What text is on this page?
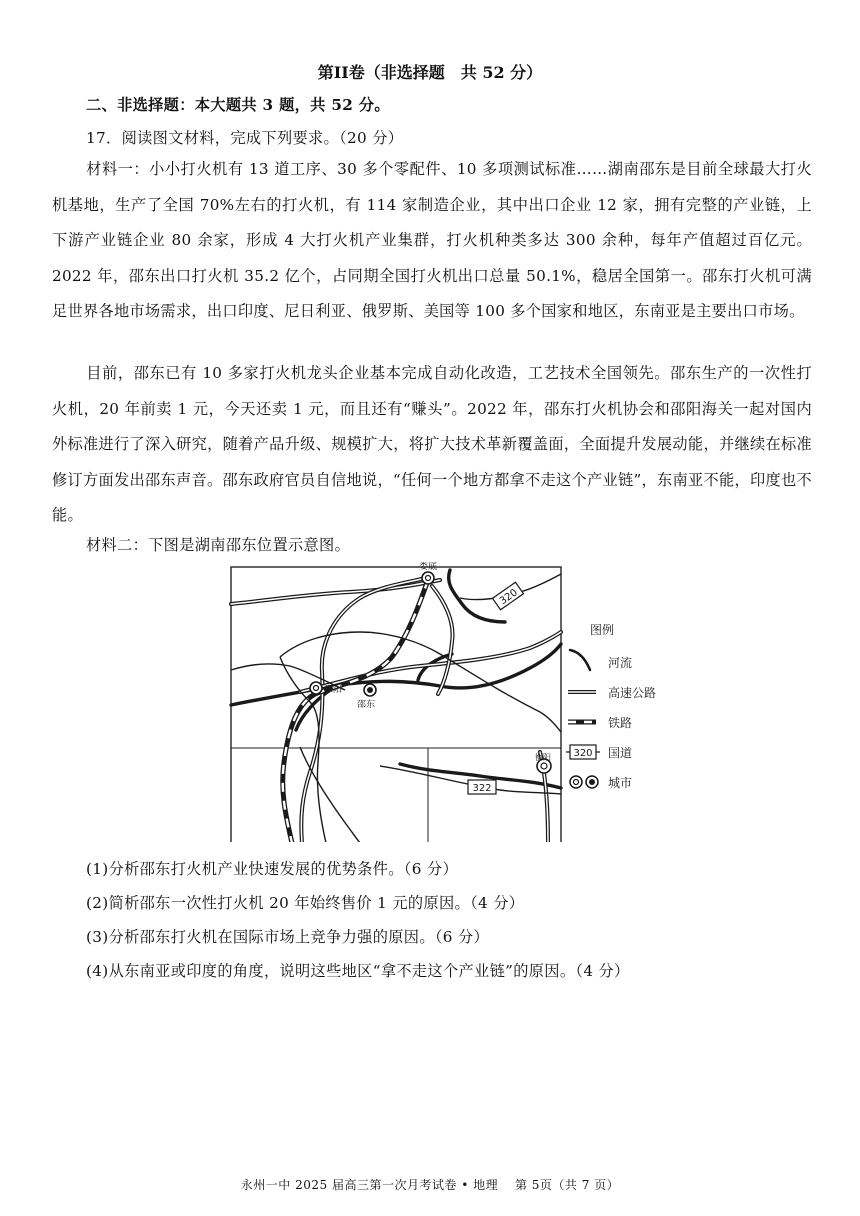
第II卷（非选择题　共 52 分）
二、非选择题：本大题共 3 题，共 52 分。
17．阅读图文材料，完成下列要求。（20 分）
材料一：小小打火机有 13 道工序、30 多个零配件、10 多项测试标准……湖南邵东是目前全球最大打火机基地，生产了全国 70%左右的打火机，有 114 家制造企业，其中出口企业 12 家，拥有完整的产业链，上下游产业链企业 80 余家，形成 4 大打火机产业集群，打火机种类多达 300 余种，每年产值超过百亿元。2022 年，邵东出口打火机 35.2 亿个，占同期全国打火机出口总量 50.1%，稳居全国第一。邵东打火机可满足世界各地市场需求，出口印度、尼日利亚、俄罗斯、美国等 100 多个国家和地区，东南亚是主要出口市场。
目前，邵东已有 10 多家打火机龙头企业基本完成自动化改造，工艺技术全国领先。邵东生产的一次性打火机，20 年前卖 1 元，今天还卖 1 元，而且还有“赚头”。2022 年，邵东打火机协会和邵阳海关一起对国内外标准进行了深入研究，随着产品升级、规模扩大，将扩大技术革新覆盖面，全面提升发展动能，并继续在标准修订方面发出邵东声音。邵东政府官员自信地说，“任何一个地方都拿不走这个产业链”，东南亚不能，印度也不能。
材料二：下图是湖南邵东位置示意图。
320
322
娄底
邵阳
邵东
衡阳
图例
河流
高速公路
铁路
320 国道
城市
(1)分析邵东打火机产业快速发展的优势条件。（6 分）
(2)简析邵东一次性打火机 20 年始终售价 1 元的原因。（4 分）
(3)分析邵东打火机在国际市场上竞争力强的原因。（6 分）
(4)从东南亚或印度的角度，说明这些地区“拿不走这个产业链”的原因。（4 分）
永州一中 2025 届高三第一次月考试卷 • 地理　 第 5页（共 7 页）
